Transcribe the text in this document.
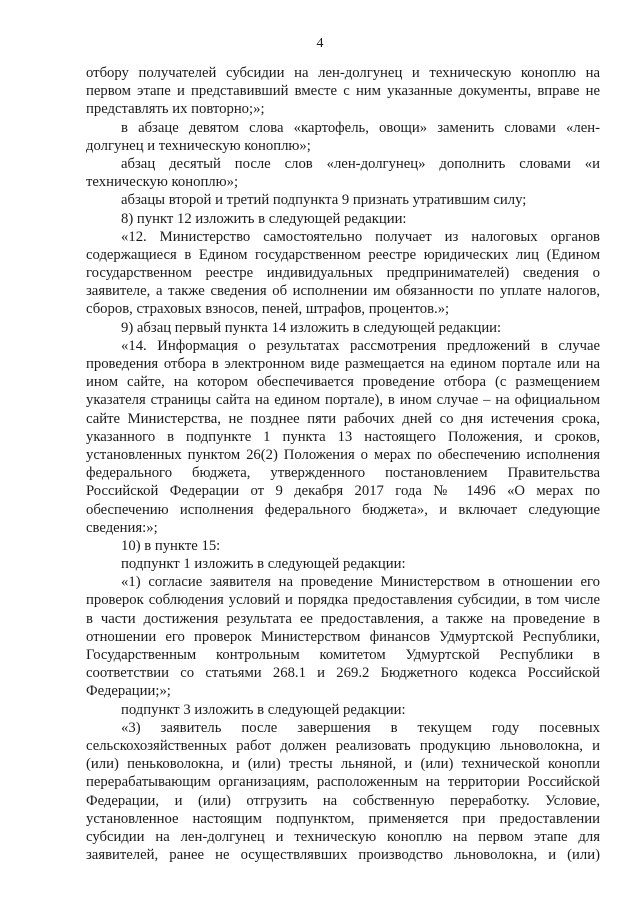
4
отбору получателей субсидии на лен-долгунец и техническую коноплю на
первом этапе и представивший вместе с ним указанные документы, вправе не
представлять их повторно;»;
в абзаце девятом слова «картофель, овощи» заменить словами «лен-
долгунец и техническую коноплю»;
абзац десятый после слов «лен-долгунец» дополнить словами «и
техническую коноплю»;
абзацы второй и третий подпункта 9 признать утратившим силу;
8) пункт 12 изложить в следующей редакции:
«12. Министерство самостоятельно получает из налоговых органов
содержащиеся в Едином государственном реестре юридических лиц (Едином
государственном реестре индивидуальных предпринимателей) сведения о
заявителе, а также сведения об исполнении им обязанности по уплате налогов,
сборов, страховых взносов, пеней, штрафов, процентов.»;
9) абзац первый пункта 14 изложить в следующей редакции:
«14. Информация о результатах рассмотрения предложений в случае
проведения отбора в электронном виде размещается на едином портале или на
ином сайте, на котором обеспечивается проведение отбора (с размещением
указателя страницы сайта на едином портале), в ином случае – на официальном
сайте Министерства, не позднее пяти рабочих дней со дня истечения срока,
указанного в подпункте 1 пункта 13 настоящего Положения, и сроков,
установленных пунктом 26(2) Положения о мерах по обеспечению исполнения
федерального бюджета, утвержденного постановлением Правительства
Российской Федерации от 9 декабря 2017 года № 1496 «О мерах по
обеспечению исполнения федерального бюджета», и включает следующие
сведения:»;
10) в пункте 15:
подпункт 1 изложить в следующей редакции:
«1) согласие заявителя на проведение Министерством в отношении его
проверок соблюдения условий и порядка предоставления субсидии, в том числе
в части достижения результата ее предоставления, а также на проведение в
отношении его проверок Министерством финансов Удмуртской Республики,
Государственным контрольным комитетом Удмуртской Республики в
соответствии со статьями 268.1 и 269.2 Бюджетного кодекса Российской
Федерации;»;
подпункт 3 изложить в следующей редакции:
«3) заявитель после завершения в текущем году посевных
сельскохозяйственных работ должен реализовать продукцию льноволокна, и
(или) пеньковолокна, и (или) тресты льняной, и (или) технической конопли
перерабатывающим организациям, расположенным на территории Российской
Федерации, и (или) отгрузить на собственную переработку. Условие,
установленное настоящим подпунктом, применяется при предоставлении
субсидии на лен-долгунец и техническую коноплю на первом этапе для
заявителей, ранее не осуществлявших производство льноволокна, и (или)
